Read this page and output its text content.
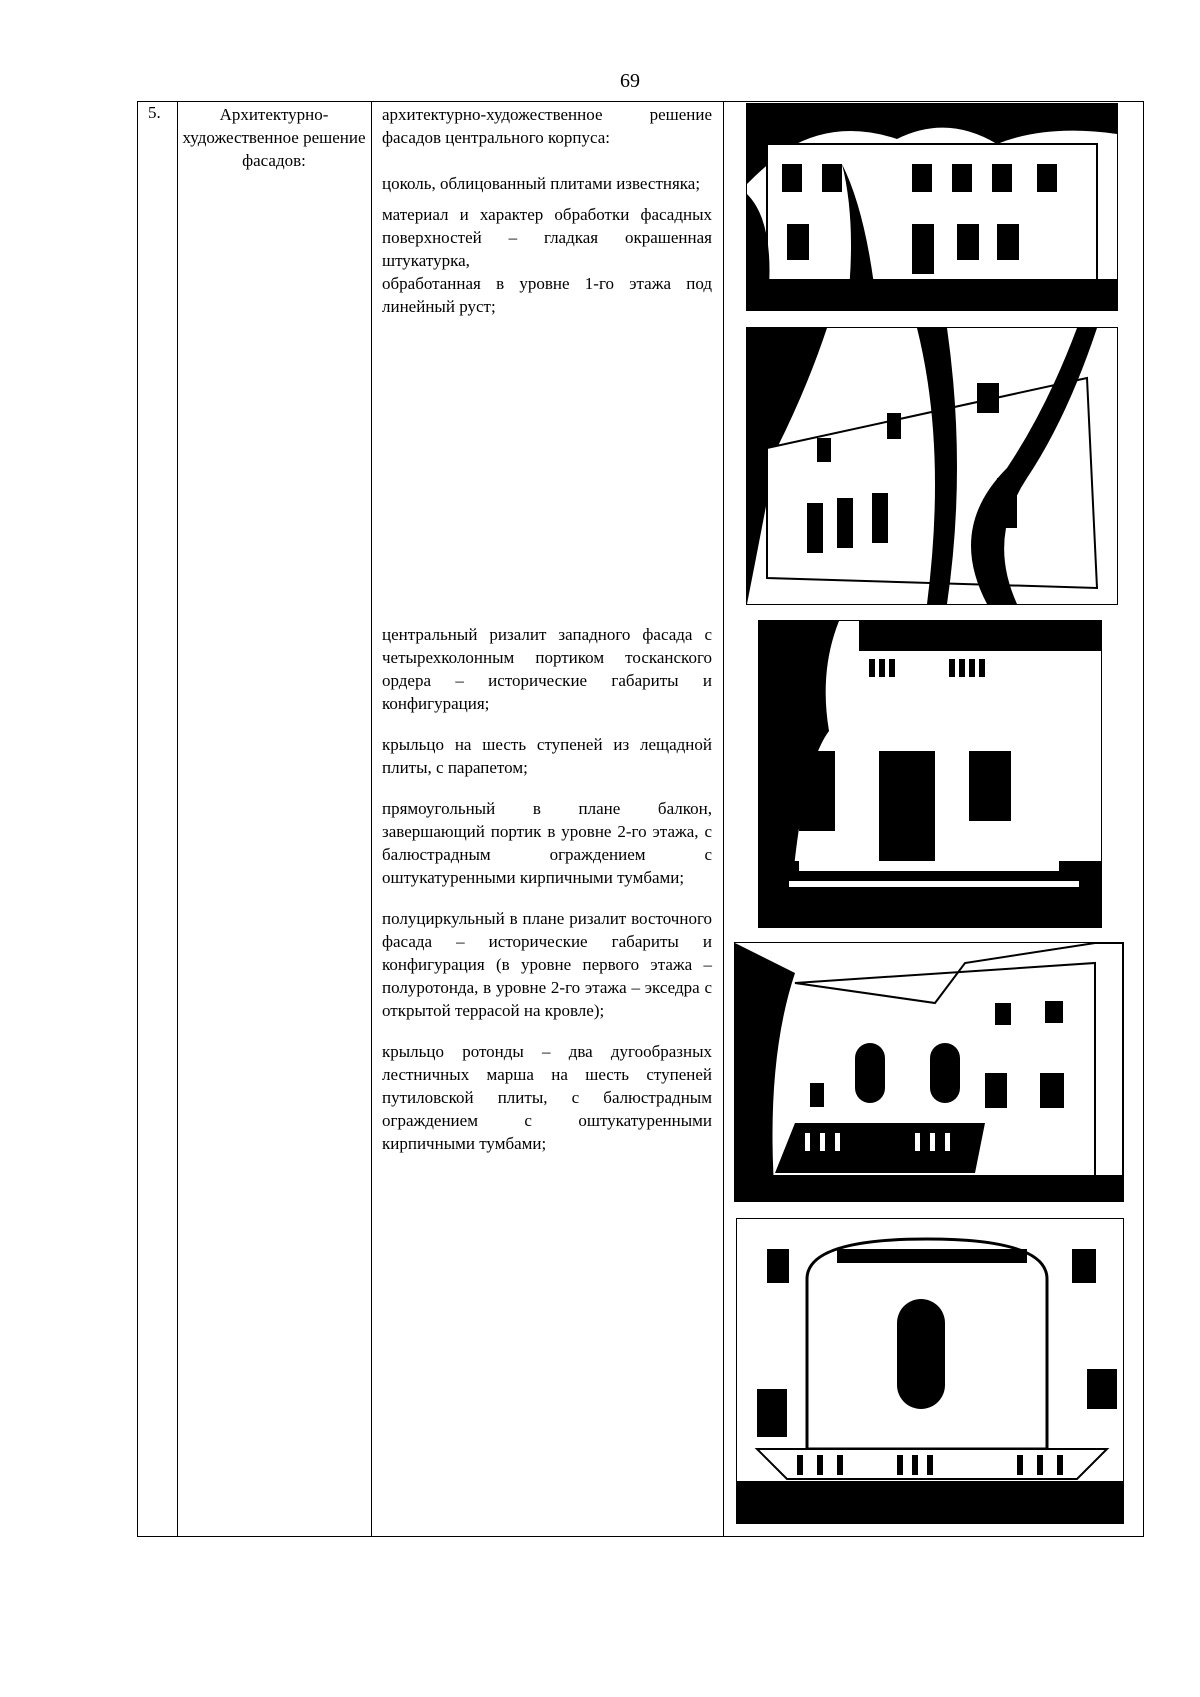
69
5.	Архитектурно-художественное решение фасадов:

архитектурно-художественное решение фасадов центрального корпуса:

цоколь, облицованный плитами известняка;

материал и характер обработки фасадных поверхностей – гладкая окрашенная штукатурка,

обработанная в уровне 1-го этажа под линейный руст;

центральный ризалит западного фасада с четырехколонным портиком тосканского ордера – исторические габариты и конфигурация;

крыльцо на шесть ступеней из лещадной плиты, с парапетом;

прямоугольный в плане балкон, завершающий портик в уровне 2-го этажа, с балюстрадным ограждением с оштукатуренными кирпичными тумбами;

полуциркульный в плане ризалит восточного фасада – исторические габариты и конфигурация (в уровне первого этажа – полуротонда, в уровне 2-го этажа – экседра с открытой террасой на кровле);

крыльцо ротонды – два дугообразных лестничных марша на шесть ступеней путиловской плиты, с балюстрадным ограждением с оштукатуренными кирпичными тумбами;
